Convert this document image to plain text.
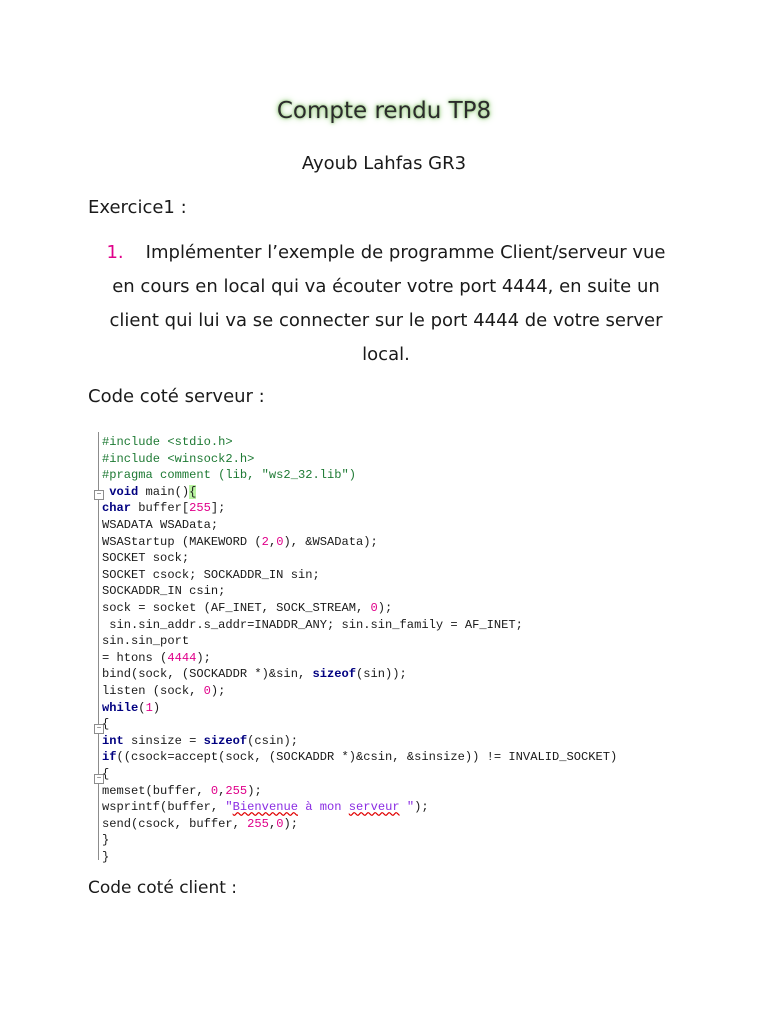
Compte rendu TP8
Ayoub Lahfas GR3
Exercice1 :
1. Implémenter l’exemple de programme Client/serveur vue en cours en local qui va écouter votre port 4444, en suite un client qui lui va se connecter sur le port 4444 de votre server local.
Code coté serveur :
−
−
−
#include <stdio.h>
#include <winsock2.h>
#pragma comment (lib, "ws2_32.lib")
void main(){
char buffer[255];
WSADATA WSAData;
WSAStartup (MAKEWORD (2,0), &WSAData);
SOCKET sock;
SOCKET csock; SOCKADDR_IN sin;
SOCKADDR_IN csin;
sock = socket (AF_INET, SOCK_STREAM, 0);
sin.sin_addr.s_addr=INADDR_ANY; sin.sin_family = AF_INET;
sin.sin_port
= htons (4444);
bind(sock, (SOCKADDR *)&sin, sizeof(sin));
listen (sock, 0);
while(1)
{
int sinsize = sizeof(csin);
if((csock=accept(sock, (SOCKADDR *)&csin, &sinsize)) != INVALID_SOCKET)
{
memset(buffer, 0,255);
wsprintf(buffer, "Bienvenue à mon serveur ");
send(csock, buffer, 255,0);
}
}
Code coté client :
